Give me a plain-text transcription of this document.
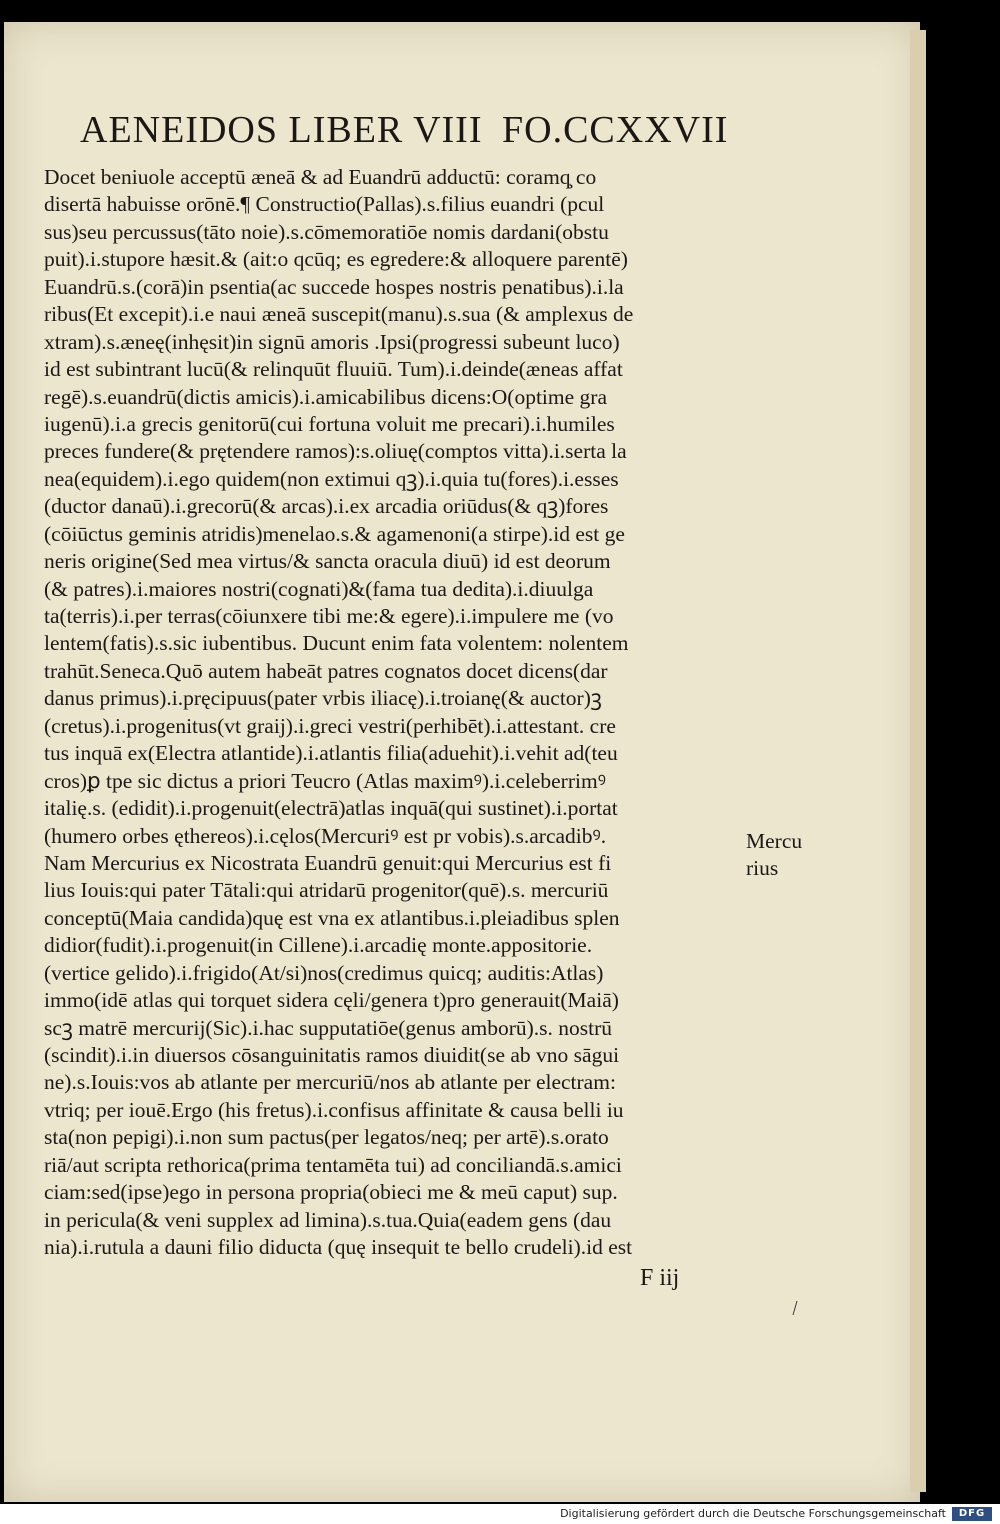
AENEIDOS LIBER VIII FO.CCXXVII
Docet beniuole acceptū æneā & ad Euandrū adductū: coramq̧ co
disertā habuisse orōnē.¶ Constructio(Pallas).s.filius euandri (pcul
sus)seu percussus(tāto noie).s.cōmemoratiōe nomis dardani(obstu
puit).i.stupore hæsit.& (ait:o qcūq; es egredere:& alloquere parentē)
Euandrū.s.(corā)in psentia(ac succede hospes nostris penatibus).i.la
ribus(Et excepit).i.e naui æneā suscepit(manu).s.sua (& amplexus de
xtram).s.æneę(inhęsit)in signū amoris .Ipsi(progressi subeunt luco)
id est subintrant lucū(& relinquūt fluuiū. Tum).i.deinde(æneas affat
regē).s.euandrū(dictis amicis).i.amicabilibus dicens:O(optime gra
iugenū).i.a grecis genitorū(cui fortuna voluit me precari).i.humiles
preces fundere(& prętendere ramos):s.oliuę(comptos vitta).i.serta la
nea(equidem).i.ego quidem(non extimui qꝫ).i.quia tu(fores).i.esses
(ductor danaū).i.grecorū(& arcas).i.ex arcadia oriūdus(& qꝫ)fores
(cōiūctus geminis atridis)menelao.s.& agamenoni(a stirpe).id est ge
neris origine(Sed mea virtus/& sancta oracula diuū) id est deorum
(& patres).i.maiores nostri(cognati)&(fama tua dedita).i.diuulga
ta(terris).i.per terras(cōiunxere tibi me:& egere).i.impulere me (vo
lentem(fatis).s.sic iubentibus. Ducunt enim fata volentem: nolentem
trahūt.Seneca.Quō autem habeāt patres cognatos docet dicens(dar
danus primus).i.pręcipuus(pater vrbis iliacę).i.troianę(& auctor)ꝫ
(cretus).i.progenitus(vt graij).i.greci vestri(perhibēt).i.attestant. cre
tus inquā ex(Electra atlantide).i.atlantis filia(aduehit).i.vehit ad(teu
cros)ꝑ tpe sic dictus a priori Teucro (Atlas maximꝰ).i.celeberrimꝰ
italię.s. (edidit).i.progenuit(electrā)atlas inquā(qui sustinet).i.portat
(humero orbes ęthereos).i.cęlos(Mercuriꝰ est pr vobis).s.arcadibꝰ.
Nam Mercurius ex Nicostrata Euandrū genuit:qui Mercurius est fi
lius Iouis:qui pater Tātali:qui atridarū progenitor(quē).s. mercuriū
conceptū(Maia candida)quę est vna ex atlantibus.i.pleiadibus splen
didior(fudit).i.progenuit(in Cillene).i.arcadię monte.appositorie.
(vertice gelido).i.frigido(At/si)nos(credimus quicq; auditis:Atlas)
immo(idē atlas qui torquet sidera cęli/genera t)pro generauit(Maiā)
scꝫ matrē mercurij(Sic).i.hac supputatiōe(genus amborū).s. nostrū
(scindit).i.in diuersos cōsanguinitatis ramos diuidit(se ab vno sāgui
ne).s.Iouis:vos ab atlante per mercuriū/nos ab atlante per electram:
vtriq; per iouē.Ergo (his fretus).i.confisus affinitate & causa belli iu
sta(non pepigi).i.non sum pactus(per legatos/neq; per artē).s.orato
riā/aut scripta rethorica(prima tentamēta tui) ad conciliandā.s.amici
ciam:sed(ipse)ego in persona propria(obieci me & meū caput) sup.
in pericula(& veni supplex ad limina).s.tua.Quia(eadem gens (dau
nia).i.rutula a dauni filio diducta (quę insequit te bello crudeli).id est
Mercu
rius
F iij
Digitalisierung gefördert durch die Deutsche Forschungsgemeinschaft	DFG
